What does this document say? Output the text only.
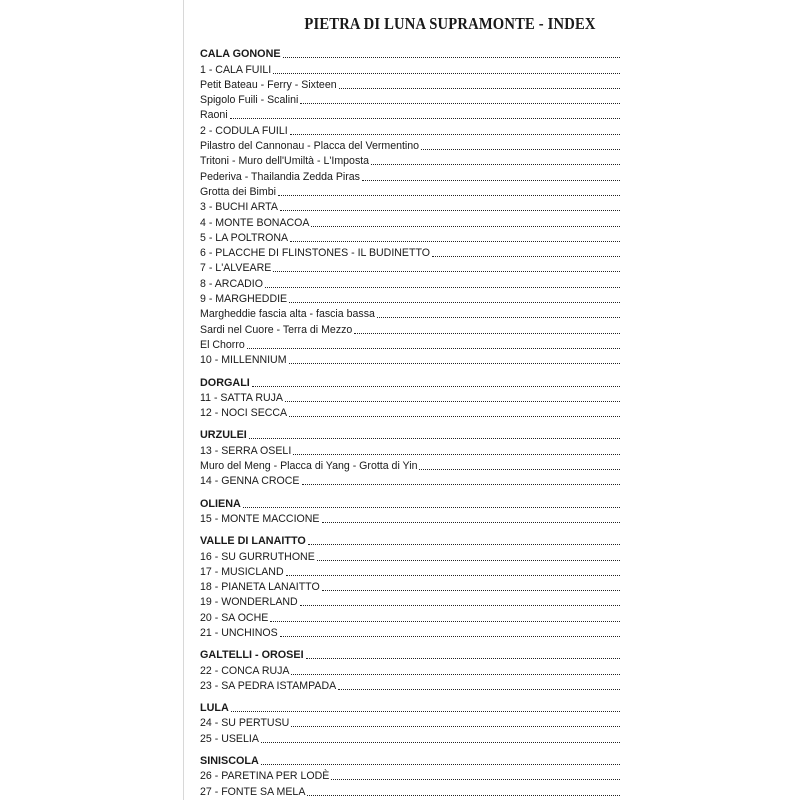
PIETRA DI LUNA SUPRAMONTE - INDEX
CALA GONONE
1 - CALA FUILI
Petit Bateau - Ferry - Sixteen
Spigolo Fuili - Scalini
Raoni
2 - CODULA FUILI
Pilastro del Cannonau - Placca del Vermentino
Tritoni - Muro dell'Umiltà - L'Imposta
Pederiva - Thailandia Zedda Piras
Grotta dei Bimbi
3 - BUCHI ARTA
4 - MONTE BONACOA
5 - LA POLTRONA
6 - PLACCHE DI FLINSTONES - IL BUDINETTO
7 - L'ALVEARE
8 - ARCADIO
9 - MARGHEDDIE
Margheddie fascia alta - fascia bassa
Sardi nel Cuore - Terra di Mezzo
El Chorro
10 - MILLENNIUM
DORGALI
11 - SATTA RUJA
12 - NOCI SECCA
URZULEI
13 - SERRA OSELI
Muro del Meng - Placca di Yang - Grotta di Yin
14 - GENNA CROCE
OLIENA
15 - MONTE MACCIONE
VALLE DI LANAITTO
16 - SU GURRUTHONE
17 - MUSICLAND
18 - PIANETA LANAITTO
19 - WONDERLAND
20 - SA OCHE
21 - UNCHINOS
GALTELLI - OROSEI
22 - CONCA RUJA
23 - SA PEDRA ISTAMPADA
LULA
24 - SU PERTUSU
25 - USELIA
SINISCOLA
26 - PARETINA PER LODÈ
27 - FONTE SA MELA
